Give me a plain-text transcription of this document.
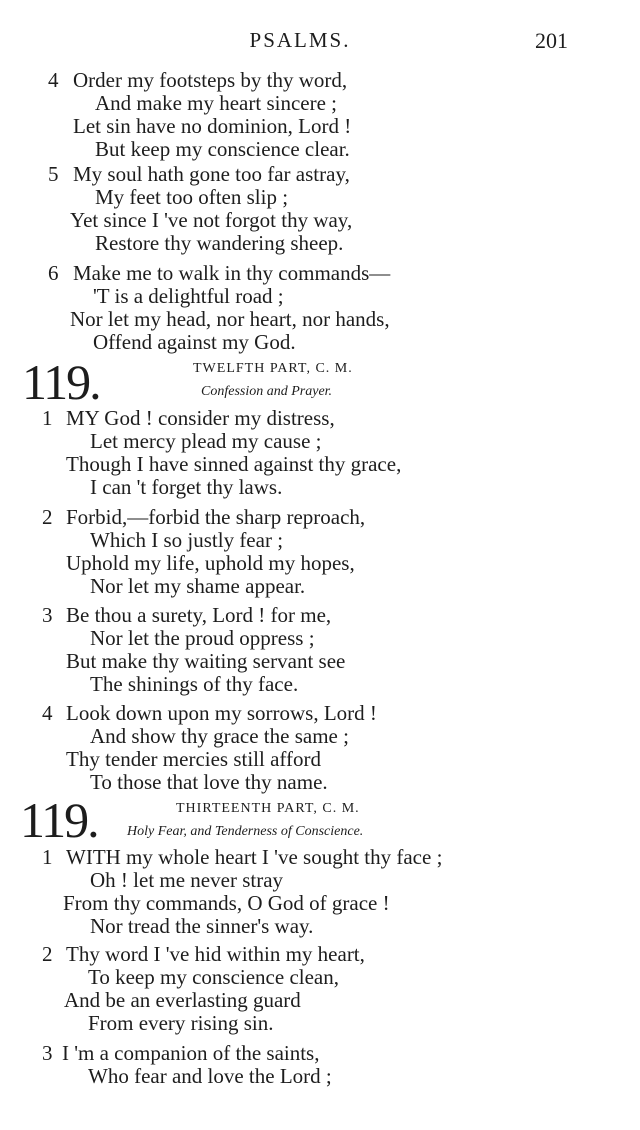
PSALMS.	201
4 Order my footsteps by thy word,
And make my heart sincere ;
Let sin have no dominion, Lord !
But keep my conscience clear.
5 My soul hath gone too far astray,
My feet too often slip ;
Yet since I 've not forgot thy way,
Restore thy wandering sheep.
6 Make me to walk in thy commands—
'T is a delightful road ;
Nor let my head, nor heart, nor hands,
Offend against my God.
119.	TWELFTH PART, C. M.
Confession and Prayer.
1 MY God ! consider my distress,
Let mercy plead my cause ;
Though I have sinned against thy grace,
I can 't forget thy laws.
2 Forbid,—forbid the sharp reproach,
Which I so justly fear ;
Uphold my life, uphold my hopes,
Nor let my shame appear.
3 Be thou a surety, Lord ! for me,
Nor let the proud oppress ;
But make thy waiting servant see
The shinings of thy face.
4 Look down upon my sorrows, Lord !
And show thy grace the same ;
Thy tender mercies still afford
To those that love thy name.
119.	THIRTEENTH PART, C. M.
Holy Fear, and Tenderness of Conscience.
1 WITH my whole heart I 've sought thy face ;
Oh ! let me never stray
From thy commands, O God of grace !
Nor tread the sinner's way.
2 Thy word I 've hid within my heart,
To keep my conscience clean,
And be an everlasting guard
From every rising sin.
3 I 'm a companion of the saints,
Who fear and love the Lord ;
